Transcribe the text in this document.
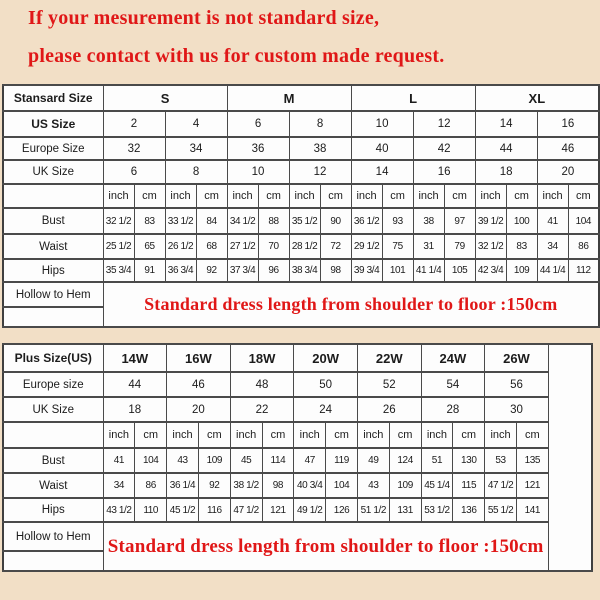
If your mesurement is not standard size,
please contact with us for custom made request.
Stansard Size	S				M				L				XL			
US Size	2		4		6		8		10		12		14		16	
Europe Size	32		34		36		38		40		42		44		46	
UK Size	6		8		10		12		14		16		18		20	
	inch	cm	inch	cm	inch	cm	inch	cm	inch	cm	inch	cm	inch	cm	inch	cm
Bust	32 1/2	83	33 1/2	84	34 1/2	88	35 1/2	90	36 1/2	93	38	97	39 1/2	100	41	104
Waist	25 1/2	65	26 1/2	68	27 1/2	70	28 1/2	72	29 1/2	75	31	79	32 1/2	83	34	86
Hips	35 3/4	91	36 3/4	92	37 3/4	96	38 3/4	98	39 3/4	101	41 1/4	105	42 3/4	109	44 1/4	112
Hollow to Hem	Standard dress length from shoulder to floor :150cm															

Plus Size(US)	14W		16W		18W		20W		22W		24W		26W		
Europe size	44		46		48		50		52		54		56		
UK Size	18		20		22		24		26		28		30		
	inch	cm	inch	cm	inch	cm	inch	cm	inch	cm	inch	cm	inch	cm	
Bust	41	104	43	109	45	114	47	119	49	124	51	130	53	135	
Waist	34	86	36 1/4	92	38 1/2	98	40 3/4	104	43	109	45 1/4	115	47 1/2	121	
Hips	43 1/2	110	45 1/2	116	47 1/2	121	49 1/2	126	51 1/2	131	53 1/2	136	55 1/2	141	
Hollow to Hem	Standard dress length from shoulder to floor :150cm														
